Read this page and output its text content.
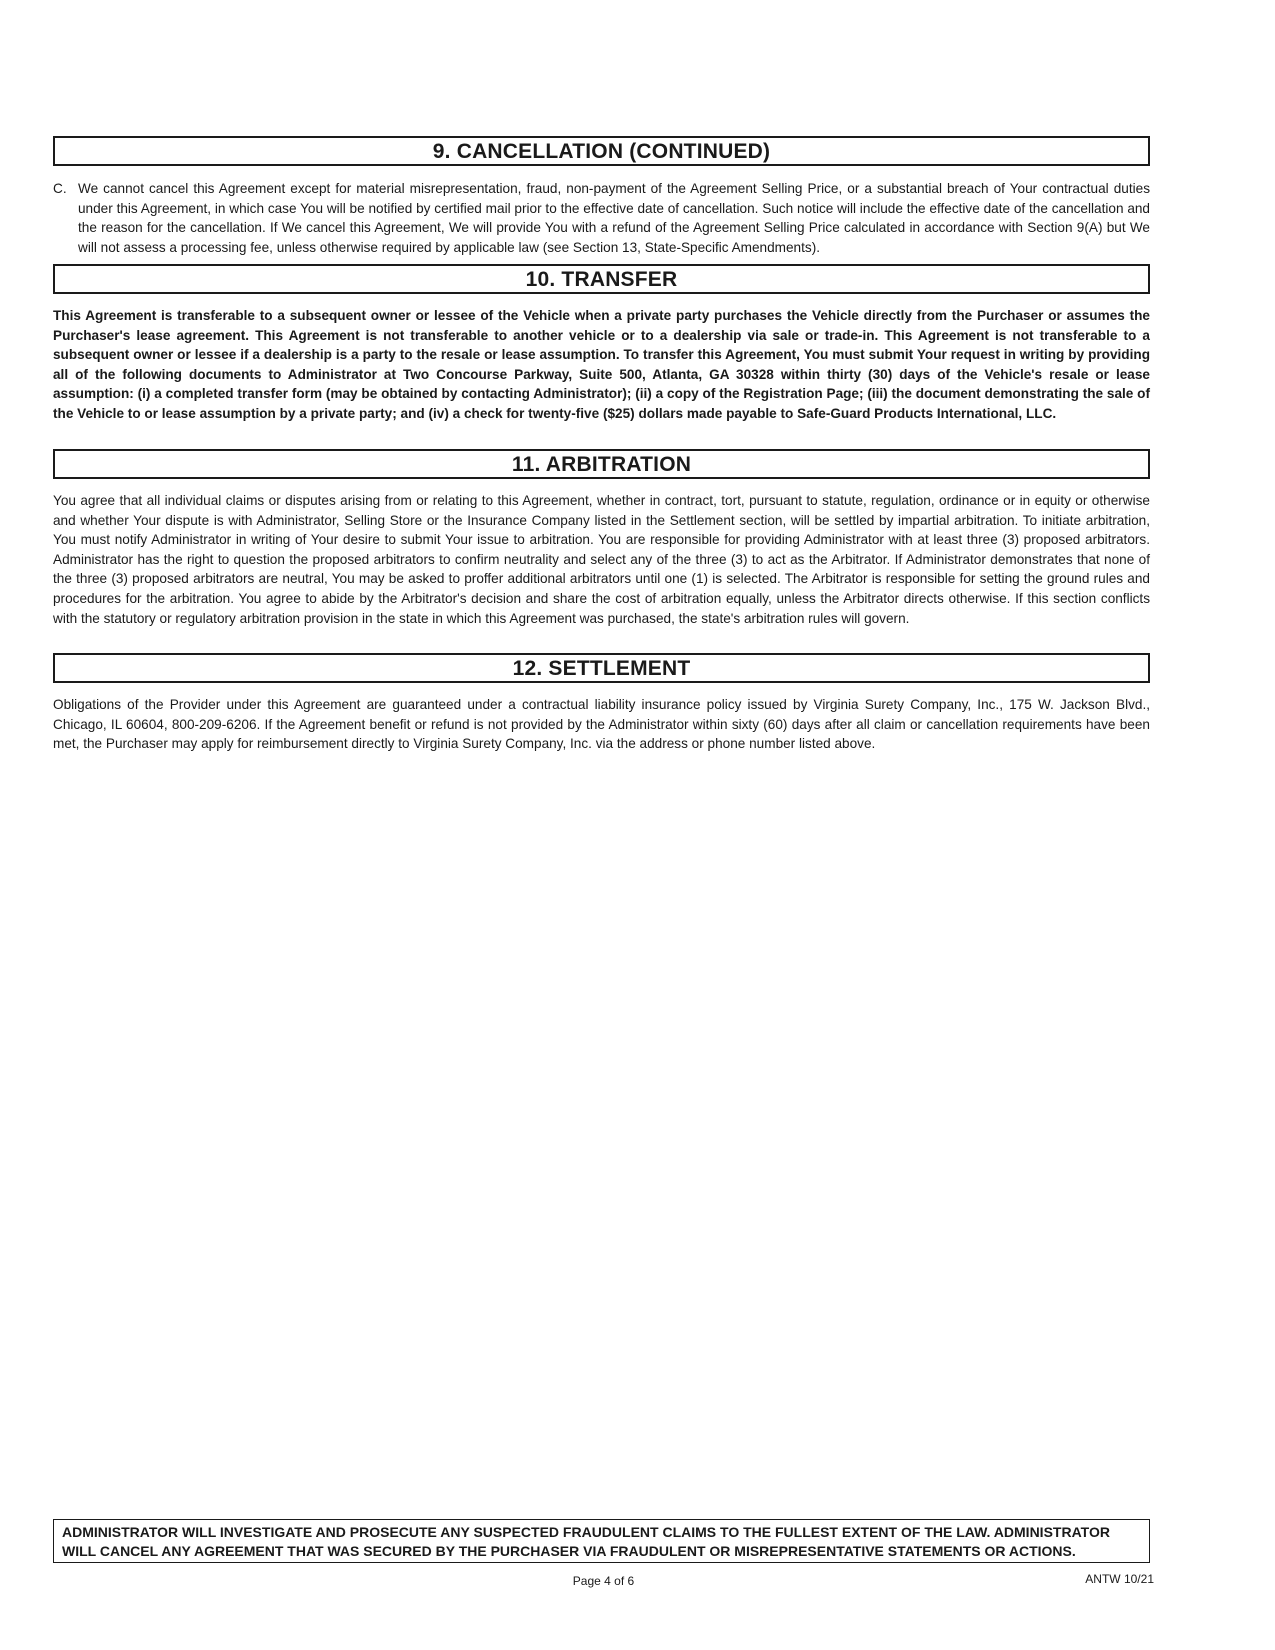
9. CANCELLATION (CONTINUED)
C. We cannot cancel this Agreement except for material misrepresentation, fraud, non-payment of the Agreement Selling Price, or a substantial breach of Your contractual duties under this Agreement, in which case You will be notified by certified mail prior to the effective date of cancellation. Such notice will include the effective date of the cancellation and the reason for the cancellation. If We cancel this Agreement, We will provide You with a refund of the Agreement Selling Price calculated in accordance with Section 9(A) but We will not assess a processing fee, unless otherwise required by applicable law (see Section 13, State-Specific Amendments).
10. TRANSFER

This Agreement is transferable to a subsequent owner or lessee of the Vehicle when a private party purchases the Vehicle directly from the Purchaser or assumes the Purchaser's lease agreement. This Agreement is not transferable to another vehicle or to a dealership via sale or trade-in. This Agreement is not transferable to a subsequent owner or lessee if a dealership is a party to the resale or lease assumption. To transfer this Agreement, You must submit Your request in writing by providing all of the following documents to Administrator at Two Concourse Parkway, Suite 500, Atlanta, GA 30328 within thirty (30) days of the Vehicle's resale or lease assumption: (i) a completed transfer form (may be obtained by contacting Administrator); (ii) a copy of the Registration Page; (iii) the document demonstrating the sale of the Vehicle to or lease assumption by a private party; and (iv) a check for twenty-five ($25) dollars made payable to Safe-Guard Products International, LLC.

11. ARBITRATION

You agree that all individual claims or disputes arising from or relating to this Agreement, whether in contract, tort, pursuant to statute, regulation, ordinance or in equity or otherwise and whether Your dispute is with Administrator, Selling Store or the Insurance Company listed in the Settlement section, will be settled by impartial arbitration. To initiate arbitration, You must notify Administrator in writing of Your desire to submit Your issue to arbitration. You are responsible for providing Administrator with at least three (3) proposed arbitrators. Administrator has the right to question the proposed arbitrators to confirm neutrality and select any of the three (3) to act as the Arbitrator. If Administrator demonstrates that none of the three (3) proposed arbitrators are neutral, You may be asked to proffer additional arbitrators until one (1) is selected. The Arbitrator is responsible for setting the ground rules and procedures for the arbitration. You agree to abide by the Arbitrator's decision and share the cost of arbitration equally, unless the Arbitrator directs otherwise. If this section conflicts with the statutory or regulatory arbitration provision in the state in which this Agreement was purchased, the state's arbitration rules will govern.

12. SETTLEMENT

Obligations of the Provider under this Agreement are guaranteed under a contractual liability insurance policy issued by Virginia Surety Company, Inc., 175 W. Jackson Blvd., Chicago, IL 60604, 800-209-6206. If the Agreement benefit or refund is not provided by the Administrator within sixty (60) days after all claim or cancellation requirements have been met, the Purchaser may apply for reimbursement directly to Virginia Surety Company, Inc. via the address or phone number listed above.

ADMINISTRATOR WILL INVESTIGATE AND PROSECUTE ANY SUSPECTED FRAUDULENT CLAIMS TO THE FULLEST EXTENT OF THE LAW. ADMINISTRATOR WILL CANCEL ANY AGREEMENT THAT WAS SECURED BY THE PURCHASER VIA FRAUDULENT OR MISREPRESENTATIVE STATEMENTS OR ACTIONS.
Page 4 of 6	ANTW 10/21
